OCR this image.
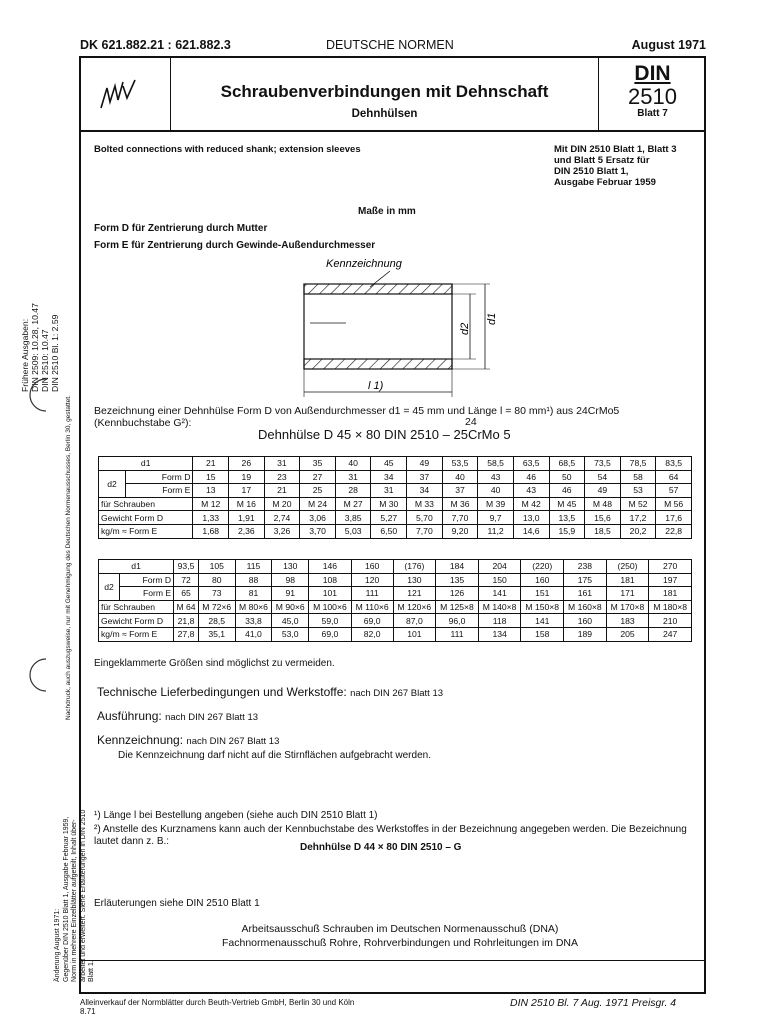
DK 621.882.21 : 621.882.3	DEUTSCHE NORMEN	August 1971
Schraubenverbindungen mit Dehnschaft
Dehnhülsen
DIN
2510
Blatt 7
Bolted connections with reduced shank; extension sleeves	Mit DIN 2510 Blatt 1, Blatt 3
und Blatt 5 Ersatz für
DIN 2510 Blatt 1,
Ausgabe Februar 1959
Maße in mm
Form D für Zentrierung durch Mutter
Form E für Zentrierung durch Gewinde-Außendurchmesser
Kennzeichnung
d1
d2
l 1)
Bezeichnung einer Dehnhülse Form D von Außendurchmesser d1 = 45 mm und Länge l = 80 mm¹) aus 24CrMo5 (Kennbuchstabe G²):	24
Dehnhülse D 45 × 80 DIN 2510 – 25CrMo 5
d1		21	26	31	35	40	45	49	53,5	58,5	63,5	68,5	73,5	78,5	83,5
d2	Form D	15	19	23	27	31	34	37	40	43	46	50	54	58	64
	Form E	13	17	21	25	28	31	34	37	40	43	46	49	53	57
für Schrauben		M 12	M 16	M 20	M 24	M 27	M 30	M 33	M 36	M 39	M 42	M 45	M 48	M 52	M 56
Gewicht Form D		1,33	1,91	2,74	3,06	3,85	5,27	5,70	7,70	9,7	13,0	13,5	15,6	17,2	17,6
kg/m ≈ Form E		1,68	2,36	3,26	3,70	5,03	6,50	7,70	9,20	11,2	14,6	15,9	18,5	20,2	22,8
d1		93,5	105	115	130	146	160	(176)	184	204	(220)	238	(250)	270
d2	Form D	72	80	88	98	108	120	130	135	150	160	175	181	197
	Form E	65	73	81	91	101	111	121	126	141	151	161	171	181
für Schrauben		M 64	M 72×6	M 80×6	M 90×6	M 100×6	M 110×6	M 120×6	M 125×8	M 140×8	M 150×8	M 160×8	M 170×8	M 180×8
Gewicht Form D		21,8	28,5	33,8	45,0	59,0	69,0	87,0	96,0	118	141	160	183	210
kg/m ≈ Form E		27,8	35,1	41,0	53,0	69,0	82,0	101	111	134	158	189	205	247
Eingeklammerte Größen sind möglichst zu vermeiden.
Technische Lieferbedingungen und Werkstoffe: nach DIN 267 Blatt 13
Ausführung: nach DIN 267 Blatt 13
Kennzeichnung: nach DIN 267 Blatt 13
Die Kennzeichnung darf nicht auf die Stirnflächen aufgebracht werden.
¹) Länge l bei Bestellung angeben (siehe auch DIN 2510 Blatt 1)
²) Anstelle des Kurznamens kann auch der Kennbuchstabe des Werkstoffes in der Bezeichnung angegeben werden. Die Bezeichnung lautet dann z. B.:
Dehnhülse D 44 × 80 DIN 2510 – G
Erläuterungen siehe DIN 2510 Blatt 1
Arbeitsausschuß Schrauben im Deutschen Normenausschuß (DNA)
Fachnormenausschuß Rohre, Rohrverbindungen und Rohrleitungen im DNA
Alleinverkauf der Normblätter durch Beuth-Vertrieb GmbH, Berlin 30 und Köln
8.71
DIN 2510 Bl. 7 Aug. 1971 Preisgr. 4
Frühere Ausgaben: DIN 2509: 10.28, 10.47 DIN 2510: 10.47 DIN 2510 Bl. 1: 2.59
Änderung August 1971: Gegenüber DIN 2510 Blatt 1, Ausgabe Februar 1959, Norm in mehrere Einzelblätter aufgeteilt, Inhalt über- arbeitet und erweitert. Siehe Erläuterungen in DIN 2510 Blatt 1.
Nachdruck, auch auszugsweise, nur mit Genehmigung des Deutschen Normenausschusses, Berlin 30, gestattet.
